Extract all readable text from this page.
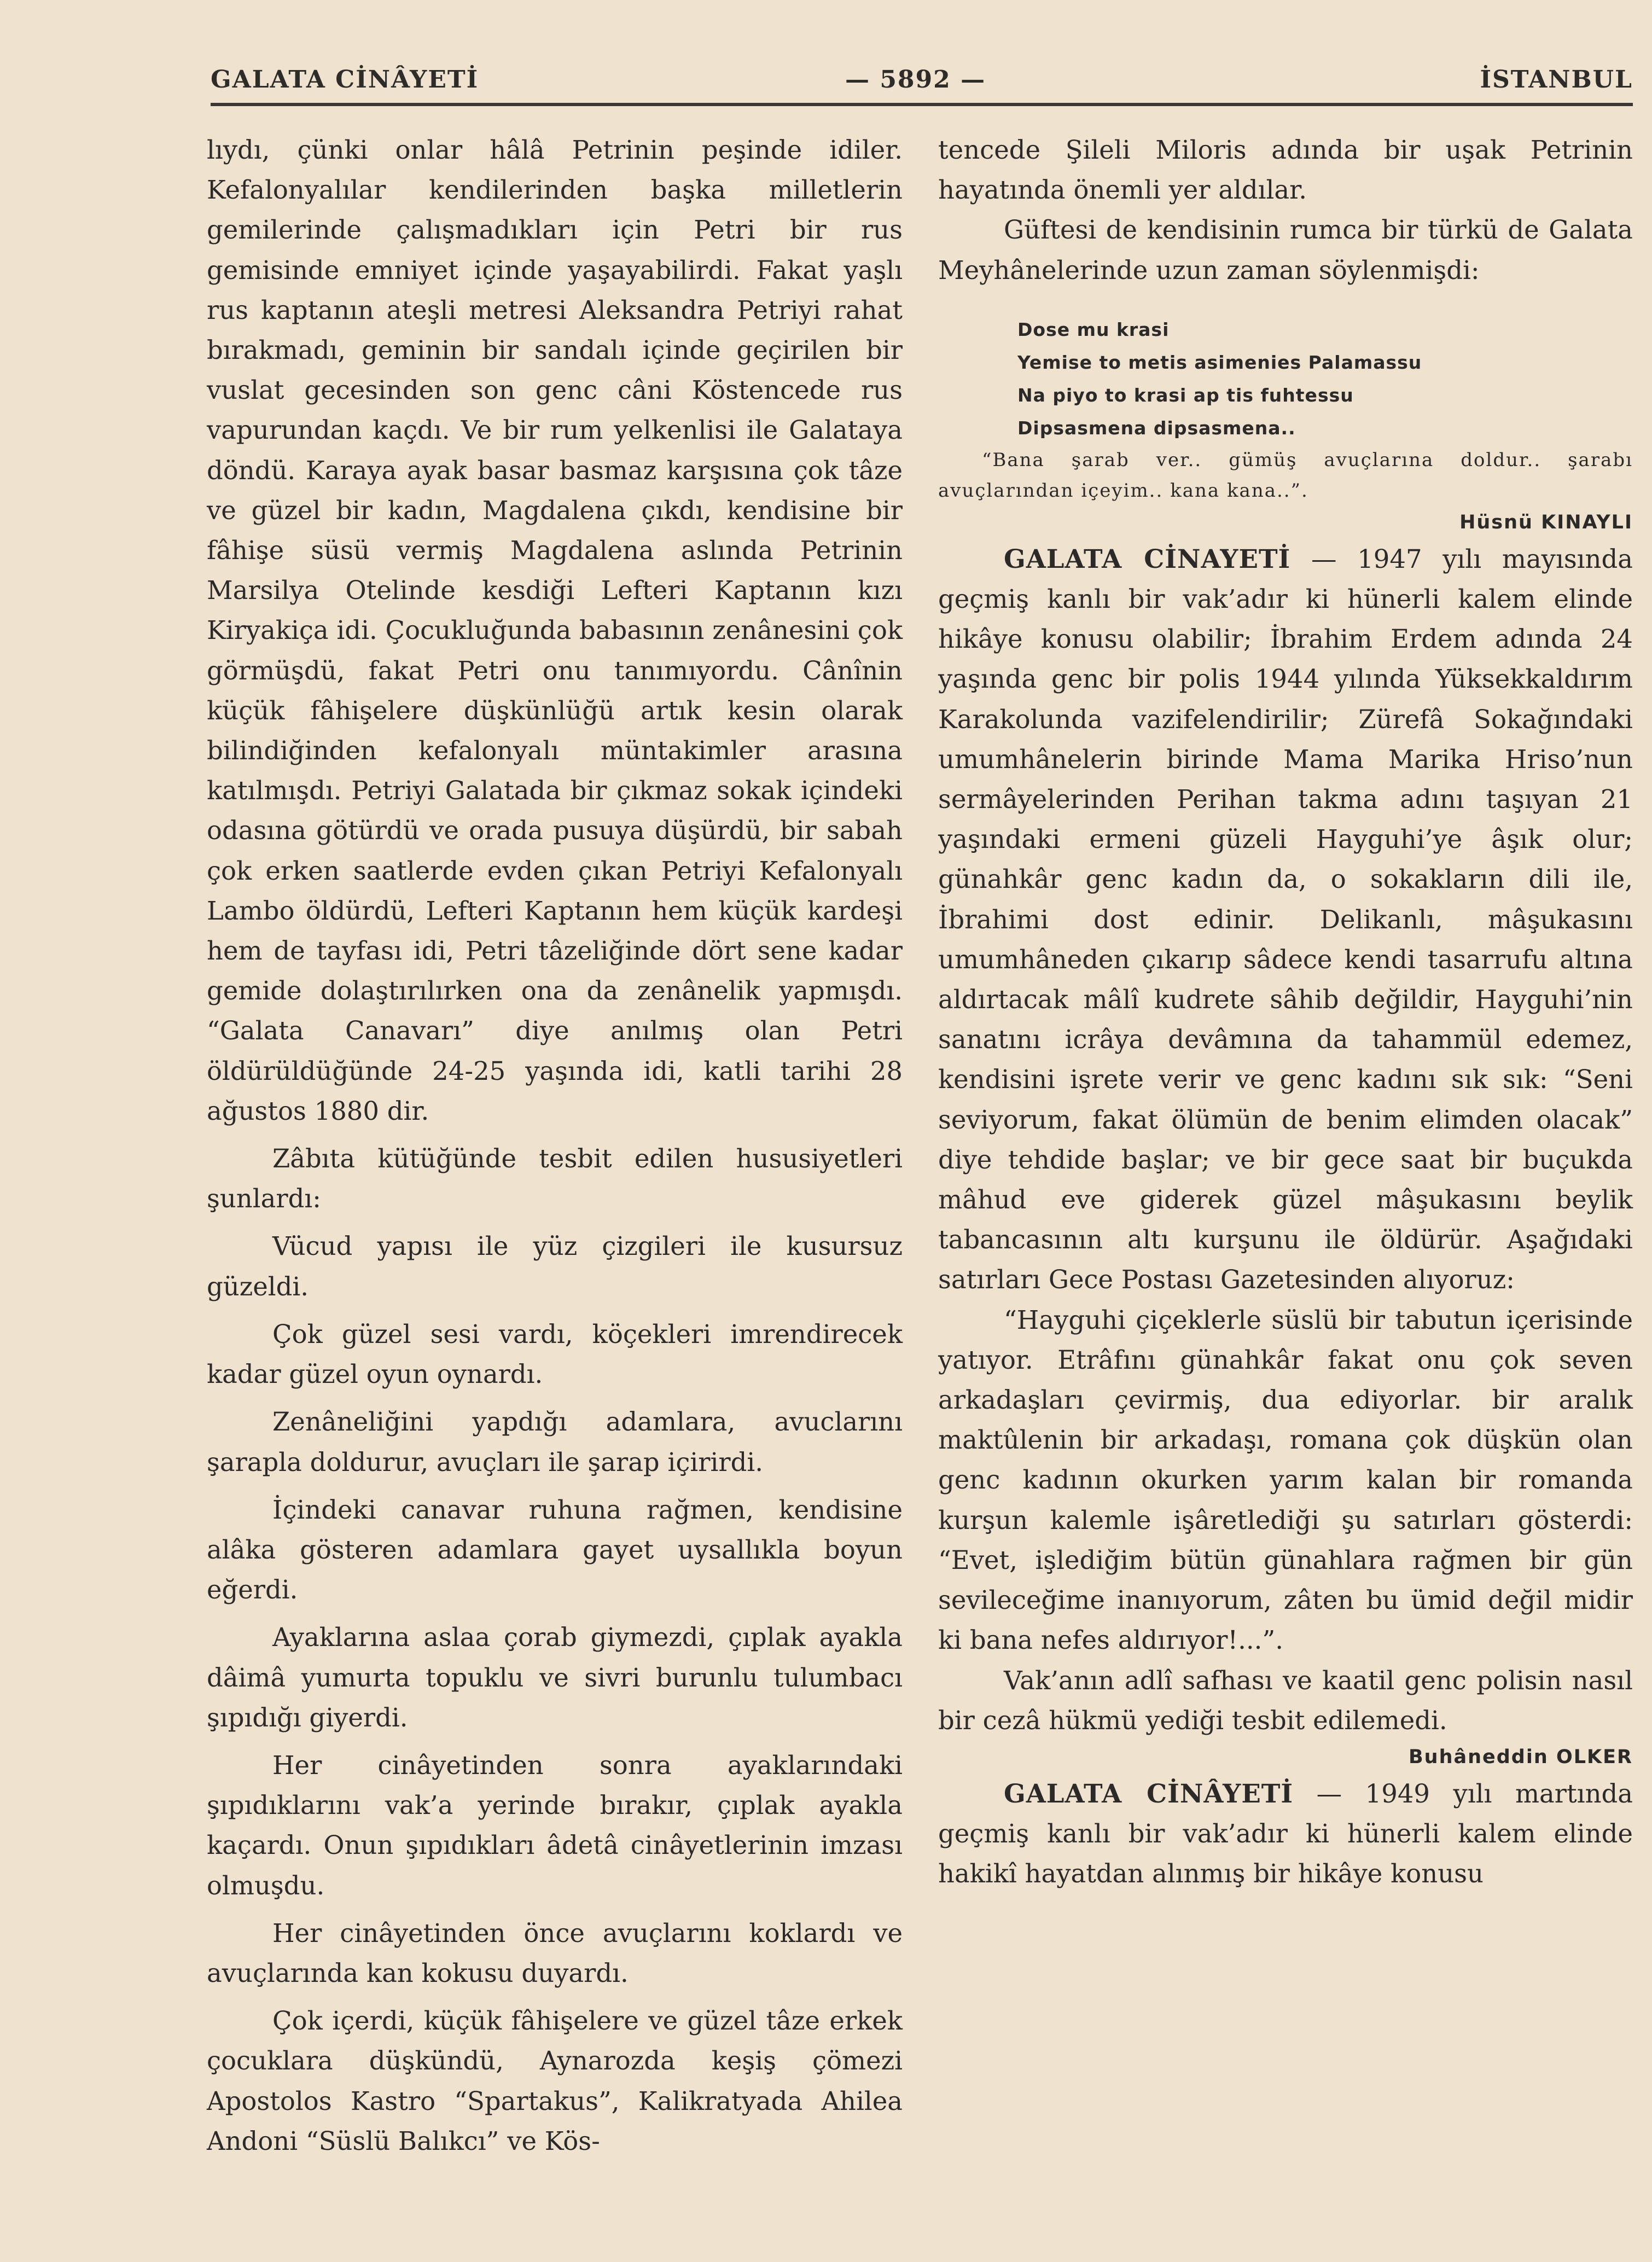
GALATA CİNÂYETİ	— 5892 —	İSTANBUL

lıydı, çünki onlar hâlâ Petrinin peşinde idiler. Kefalonyalılar kendilerinden başka milletlerin gemilerinde çalışmadıkları için Petri bir rus gemisinde emniyet içinde yaşayabilirdi. Fakat yaşlı rus kaptanın ateşli metresi Aleksandra Petriyi rahat bırakmadı, geminin bir sandalı içinde geçirilen bir vuslat gecesinden son genc câni Köstencede rus vapurundan kaçdı. Ve bir rum yelkenlisi ile Galataya döndü. Karaya ayak basar basmaz karşısına çok tâze ve güzel bir kadın, Magdalena çıkdı, kendisine bir fâhişe süsü vermiş Magdalena aslında Petrinin Marsilya Otelinde kesdiği Lefteri Kaptanın kızı Kiryakiça idi. Çocukluğunda babasının zenânesini çok görmüşdü, fakat Petri onu tanımıyordu. Cânînin küçük fâhişelere düşkünlüğü artık kesin olarak bilindiğinden kefalonyalı müntakimler arasına katılmışdı. Petriyi Galatada bir çıkmaz sokak içindeki odasına götürdü ve orada pusuya düşürdü, bir sabah çok erken saatlerde evden çıkan Petriyi Kefalonyalı Lambo öldürdü, Lefteri Kaptanın hem küçük kardeşi hem de tayfası idi, Petri tâzeliğinde dört sene kadar gemide dolaştırılırken ona da zenânelik yapmışdı. “Galata Canavarı” diye anılmış olan Petri öldürüldüğünde 24-25 yaşında idi, katli tarihi 28 ağustos 1880 dir.

Zâbıta kütüğünde tesbit edilen hususiyetleri şunlardı:

Vücud yapısı ile yüz çizgileri ile kusursuz güzeldi.

Çok güzel sesi vardı, köçekleri imrendirecek kadar güzel oyun oynardı.

Zenâneliğini yapdığı adamlara, avuclarını şarapla doldurur, avuçları ile şarap içirirdi.

İçindeki canavar ruhuna rağmen, kendisine alâka gösteren adamlara gayet uysallıkla boyun eğerdi.

Ayaklarına aslaa çorab giymezdi, çıplak ayakla dâimâ yumurta topuklu ve sivri burunlu tulumbacı şıpıdığı giyerdi.

Her cinâyetinden sonra ayaklarındaki şıpıdıklarını vak’a yerinde bırakır, çıplak ayakla kaçardı. Onun şıpıdıkları âdetâ cinâyetlerinin imzası olmuşdu.

Her cinâyetinden önce avuçlarını koklardı ve avuçlarında kan kokusu duyardı.

Çok içerdi, küçük fâhişelere ve güzel tâze erkek çocuklara düşkündü, Aynarozda keşiş çömezi Apostolos Kastro “Spartakus”, Kalikratyada Ahilea Andoni “Süslü Balıkcı” ve Kös-

tencede Şileli Miloris adında bir uşak Petrinin hayatında önemli yer aldılar.

Güftesi de kendisinin rumca bir türkü de Galata Meyhânelerinde uzun zaman söylenmişdi:

Dose mu krasi
Yemise to metis asimenies Palamassu
Na piyo to krasi ap tis fuhtessu
Dipsasmena dipsasmena..

“Bana şarab ver.. gümüş avuçlarına doldur.. şarabı avuçlarından içeyim.. kana kana..”.

Hüsnü KINAYLI

GALATA CİNAYETİ — 1947 yılı mayısında geçmiş kanlı bir vak’adır ki hünerli kalem elinde hikâye konusu olabilir; İbrahim Erdem adında 24 yaşında genc bir polis 1944 yılında Yüksekkaldırım Karakolunda vazifelendirilir; Zürefâ Sokağındaki umumhânelerin birinde Mama Marika Hriso’nun sermâyelerinden Perihan takma adını taşıyan 21 yaşındaki ermeni güzeli Hayguhi’ye âşık olur; günahkâr genc kadın da, o sokakların dili ile, İbrahimi dost edinir. Delikanlı, mâşukasını umumhâneden çıkarıp sâdece kendi tasarrufu altına aldırtacak mâlî kudrete sâhib değildir, Hayguhi’nin sanatını icrâya devâmına da tahammül edemez, kendisini işrete verir ve genc kadını sık sık: “Seni seviyorum, fakat ölümün de benim elimden olacak” diye tehdide başlar; ve bir gece saat bir buçukda mâhud eve giderek güzel mâşukasını beylik tabancasının altı kurşunu ile öldürür. Aşağıdaki satırları Gece Postası Gazetesinden alıyoruz:

“Hayguhi çiçeklerle süslü bir tabutun içerisinde yatıyor. Etrâfını günahkâr fakat onu çok seven arkadaşları çevirmiş, dua ediyorlar. bir aralık maktûlenin bir arkadaşı, romana çok düşkün olan genc kadının okurken yarım kalan bir romanda kurşun kalemle işâretlediği şu satırları gösterdi: “Evet, işlediğim bütün günahlara rağmen bir gün sevileceğime inanıyorum, zâten bu ümid değil midir ki bana nefes aldırıyor!...”.

Vak’anın adlî safhası ve kaatil genc polisin nasıl bir cezâ hükmü yediği tesbit edilemedi.

Buhâneddin OLKER

GALATA CİNÂYETİ — 1949 yılı martında geçmiş kanlı bir vak’adır ki hünerli kalem elinde hakikî hayatdan alınmış bir hikâye konusu
